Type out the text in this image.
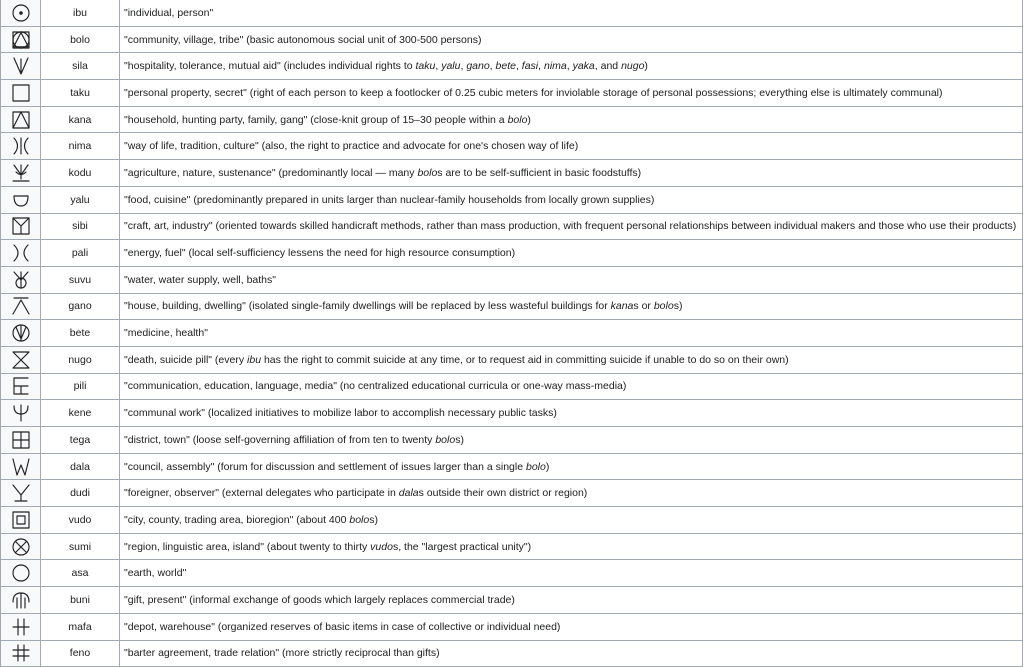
	ibu	"individual, person"

	bolo	"community, village, tribe" (basic autonomous social unit of 300-500 persons)

	sila	"hospitality, tolerance, mutual aid" (includes individual rights to taku, yalu, gano, bete, fasi, nima, yaka, and nugo)

	taku	"personal property, secret" (right of each person to keep a footlocker of 0.25 cubic meters for inviolable storage of personal possessions; everything else is ultimately communal)

	kana	"household, hunting party, family, gang" (close-knit group of 15–30 people within a bolo)

	nima	"way of life, tradition, culture" (also, the right to practice and advocate for one's chosen way of life)

	kodu	"agriculture, nature, sustenance" (predominantly local — many bolos are to be self-sufficient in basic foodstuffs)

	yalu	"food, cuisine" (predominantly prepared in units larger than nuclear-family households from locally grown supplies)

	sibi	"craft, art, industry" (oriented towards skilled handicraft methods, rather than mass production, with frequent personal relationships between individual makers and those who use their products)

	pali	"energy, fuel" (local self-sufficiency lessens the need for high resource consumption)

	suvu	"water, water supply, well, baths"

	gano	"house, building, dwelling" (isolated single-family dwellings will be replaced by less wasteful buildings for kanas or bolos)

	bete	"medicine, health"

	nugo	"death, suicide pill" (every ibu has the right to commit suicide at any time, or to request aid in committing suicide if unable to do so on their own)

	pili	"communication, education, language, media" (no centralized educational curricula or one-way mass-media)

	kene	"communal work" (localized initiatives to mobilize labor to accomplish necessary public tasks)

	tega	"district, town" (loose self-governing affiliation of from ten to twenty bolos)

	dala	"council, assembly" (forum for discussion and settlement of issues larger than a single bolo)

	dudi	"foreigner, observer" (external delegates who participate in dalas outside their own district or region)

	vudo	"city, county, trading area, bioregion" (about 400 bolos)

	sumi	"region, linguistic area, island" (about twenty to thirty vudos, the "largest practical unity")

	asa	"earth, world"

	buni	"gift, present" (informal exchange of goods which largely replaces commercial trade)

	mafa	"depot, warehouse" (organized reserves of basic items in case of collective or individual need)

	feno	"barter agreement, trade relation" (more strictly reciprocal than gifts)
